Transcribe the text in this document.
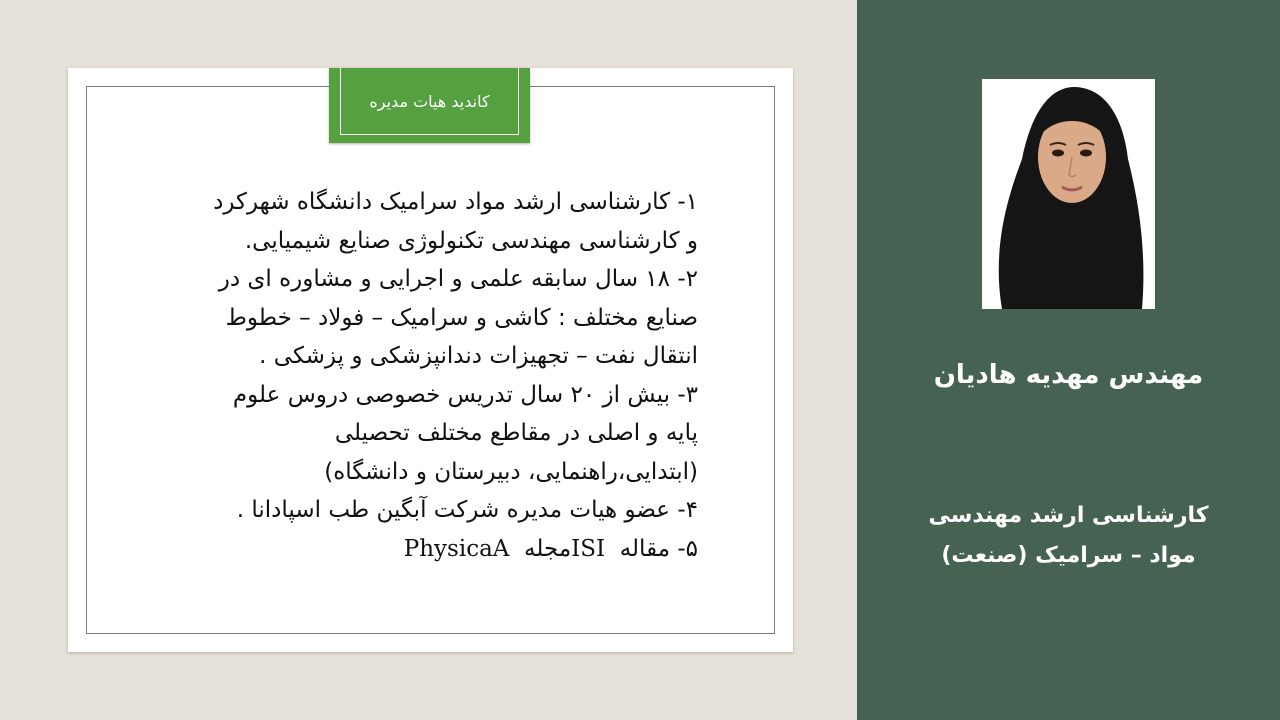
کاندید هیات مدیره

۱- کارشناسی ارشد مواد سرامیک دانشگاه شهرکرد

و کارشناسی مهندسی تکنولوژی صنایع شیمیایی.

۲- ۱۸ سال سابقه علمی و اجرایی و مشاوره ای در

صنایع مختلف : کاشی و سرامیک – فولاد – خطوط

انتقال نفت – تجهیزات دندانپزشکی و پزشکی .

۳- بیش از ۲۰ سال تدریس خصوصی دروس علوم

پایه و اصلی در مقاطع مختلف تحصیلی

(ابتدایی،راهنمایی، دبیرستان و دانشگاه)

۴- عضو هیات مدیره شرکت آبگین طب اسپادانا .

۵- مقاله  ISIمجله  PhysicaA

مهندس مهدیه هادیان
کارشناسی ارشد مهندسی
مواد – سرامیک (صنعت)
